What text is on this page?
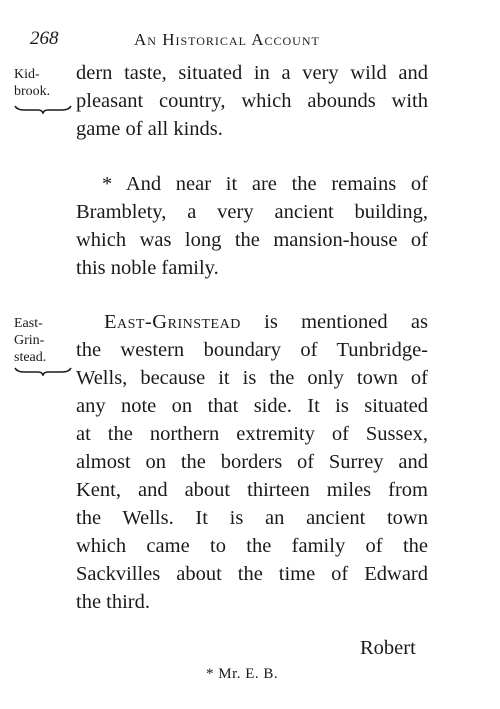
268	An Historical Account
Kid-
brook.
dern taste, situated in a very wild and
pleasant country, which abounds with
game of all kinds.
* And near it are the remains of
Bramblety, a very ancient building,
which was long the mansion-house of
this noble family.
East-
Grin-
stead.
East-Grinstead is mentioned as
the western boundary of Tunbridge-
Wells, because it is the only town of
any note on that side. It is situated
at the northern extremity of Sussex,
almost on the borders of Surrey and
Kent, and about thirteen miles from
the Wells. It is an ancient town
which came to the family of the
Sackvilles about the time of Edward
the third.
Robert
* Mr. E. B.
